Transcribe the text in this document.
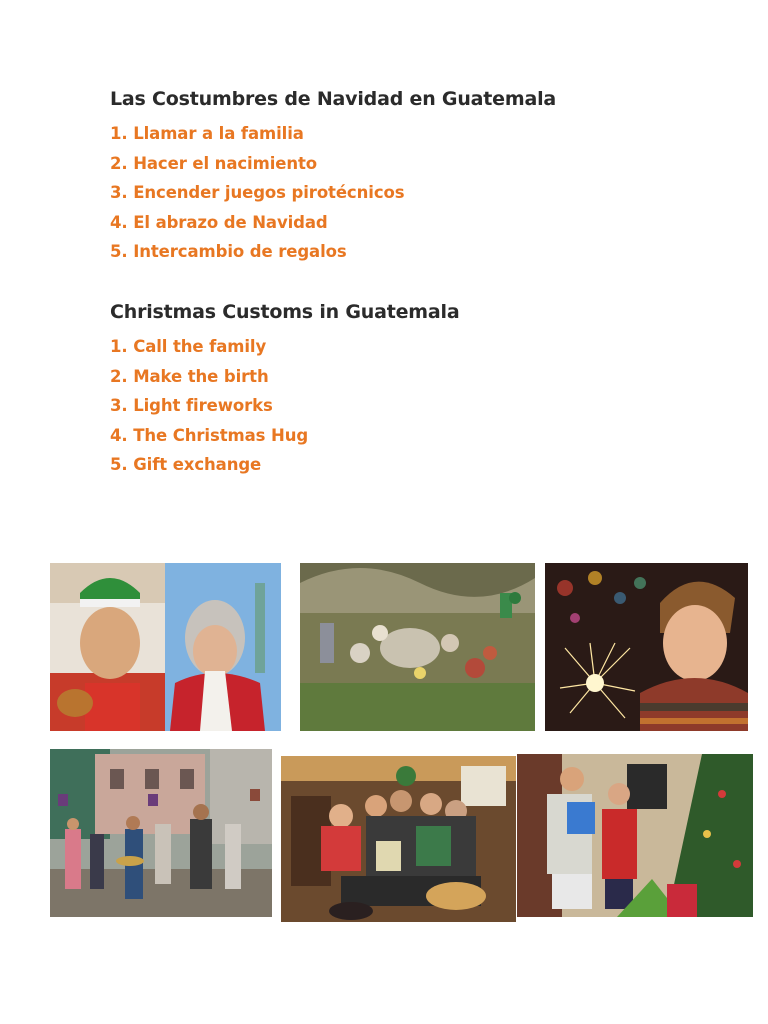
Las Costumbres de Navidad en Guatemala
1. Llamar a la familia
2. Hacer el nacimiento
3. Encender juegos pirotécnicos
4. El abrazo de Navidad
5. Intercambio de regalos
Christmas Customs in Guatemala
1. Call the family
2. Make the birth
3. Light fireworks
4. The Christmas Hug
5. Gift exchange
